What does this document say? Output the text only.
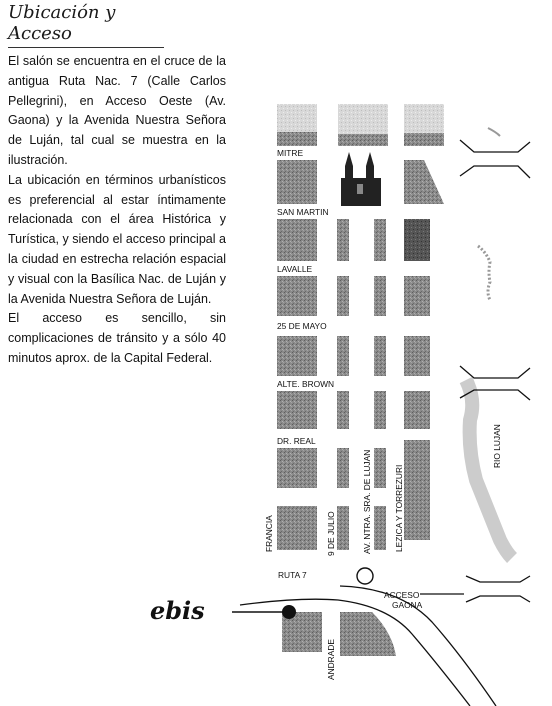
Ubicación y Acceso

El salón se encuentra en el cruce de la antigua Ruta Nac. 7 (Calle Carlos Pellegrini), en Acceso Oeste (Av. Gaona) y la Avenida Nuestra Señora de Luján, tal cual se muestra en la ilustración.

La ubicación en términos urbanísticos es preferencial al estar íntimamente relacionada con el área Histórica y Turística, y siendo el acceso principal a la ciudad en estrecha relación espacial y visual con la Basílica Nac. de Luján y la Avenida Nuestra Señora de Luján.

El acceso es sencillo, sin complicaciones de tránsito y a sólo 40 minutos aprox. de la Capital Federal.

ebis
MITRE
SAN MARTIN
LAVALLE
25 DE MAYO
ALTE. BROWN
DR. REAL
RUTA 7
ACCESO
GAONA
FRANCIA	9 DE JULIO	AV. NTRA. SRA. DE LUJAN	LEZICA Y TORREZURI
RIO LUJAN
ANDRADE
